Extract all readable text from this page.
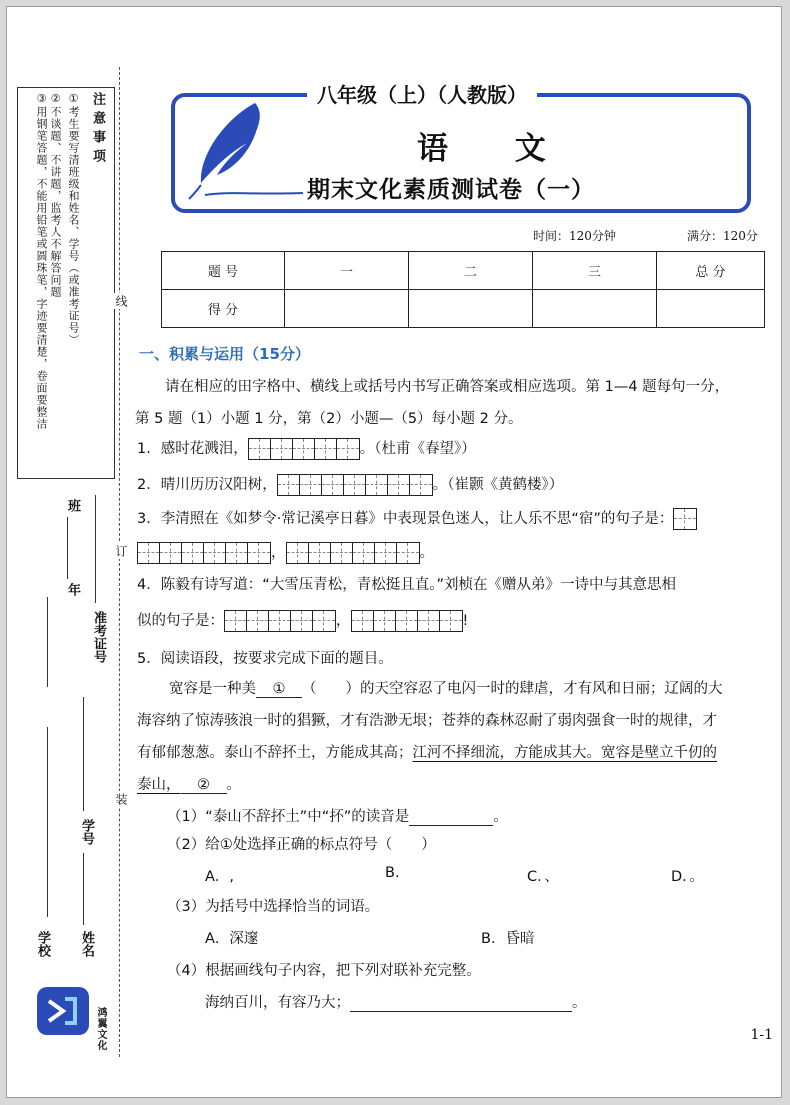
注意事项
①考生要写清班级和姓名、学号（或准考证号）
②不谈题、不讲题，监考人不解答问题
③用钢笔答题，不能用铅笔或圆珠笔，字迹要清楚，卷面要整洁	线
订
装
班
年
准考证号
学校
学号
姓名
鸿翼文化
八年级（上）（人教版）
语 文
期末文化素质测试卷（一）
时间：120分钟	满分：120分
题 号	一	二	三	总 分
得 分				
一、积累与运用（15分）
请在相应的田字格中、横线上或括号内书写正确答案或相应选项。第 1—4 题每句一分，
第 5 题（1）小题 1 分，第（2）小题—（5）每小题 2 分。
1．感时花溅泪，	。（杜甫《春望》）
2．晴川历历汉阳树，	。（崔颢《黄鹤楼》）
3．李清照在《如梦令·常记溪亭日暮》中表现景色迷人，让人乐不思“宿”的句子是：
，	。
4．陈毅有诗写道：“大雪压青松，青松挺且直。”刘桢在《赠从弟》一诗中与其意思相
似的句子是：	，	!
5．阅读语段，按要求完成下面的题目。
宽容是一种美 ① （　　）的天空容忍了电闪一时的肆虐，才有风和日丽；辽阔的大
海容纳了惊涛骇浪一时的猖獗，才有浩渺无垠；苍莽的森林忍耐了弱肉强食一时的规律，才
有郁郁葱葱。泰山不辞抔土，方能成其高；江河不择细流，方能成其大。宽容是壁立千仞的
泰山， ② 。
（1）“泰山不辞抔土”中“抔”的读音是	。
（2）给①处选择正确的标点符号（　　）
A．,	B.	C．、	D．。
（3）为括号中选择恰当的词语。
A．深邃	B．昏暗
（4）根据画线句子内容，把下列对联补充完整。
海纳百川，有容乃大；	。
1-1
